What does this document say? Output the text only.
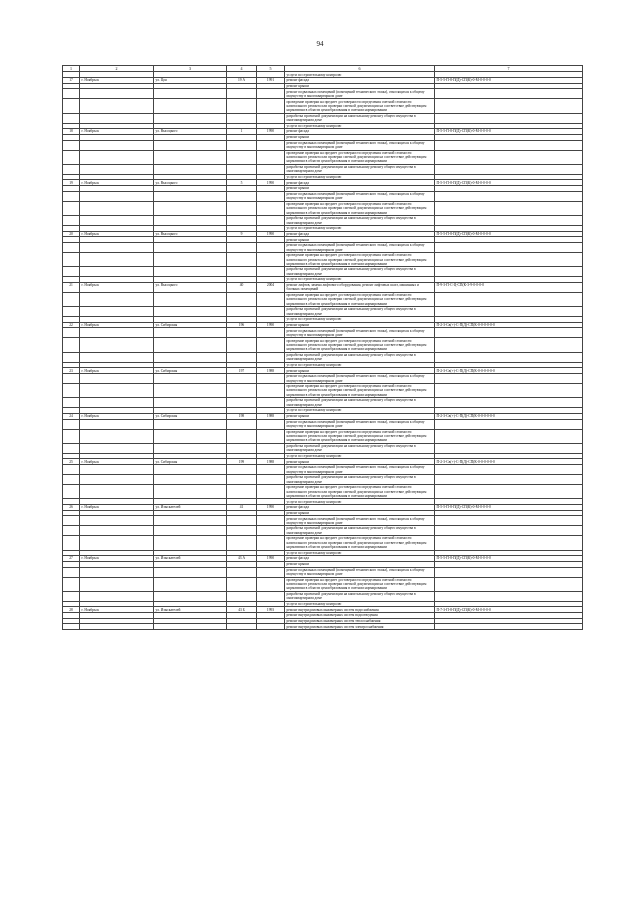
94
1	2	3	4	5	6	7
					услуги по строительному контролю	
17	г. Ноябрьск	ул. Цоя	19 А	1991	ремонт фасада	П-5-5-П-8-П(Д)-СП(К)-0-М-0-0-0-0
					ремонт крыши	
					ремонт подвальных помещений (помещений технического этажа), относящихся к общему имуществу в многоквартирном доме	
					проведение проверки на предмет достоверности определения сметной стоимости капитального ремонта или проверки сметной документации на соответствие действующим нормативам в области ценообразования в сметном нормировании	
					разработка проектной документации на капитальному ремонту общего имущества в многоквартирном доме	
					услуги по строительному контролю	
18	г. Ноябрьск	ул. Высоцкого	1	1990	ремонт фасада	П-5-5-П-8-П(Д)-СП(К)-0-М-0-0-0-0
					ремонт крыши	
					ремонт подвальных помещений (помещений технического этажа), относящихся к общему имуществу в многоквартирном доме	
					проведение проверки на предмет достоверности определения сметной стоимости капитального ремонта или проверки сметной документации на соответствие действующим нормативам в области ценообразования в сметном нормировании	
					разработка проектной документации на капитальному ремонту общего имущества в многоквартирном доме	
					услуги по строительному контролю	
19	г. Ноябрьск	ул. Высоцкого	5	1990	ремонт фасада	П-5-5-П-8-П(Д)-СП(К)-0-М-0-0-0-0
					ремонт крыши	
					ремонт подвальных помещений (помещений технического этажа), относящихся к общему имуществу в многоквартирном доме	
					проведение проверки на предмет достоверности определения сметной стоимости капитального ремонта или проверки сметной документации на соответствие действующим нормативам в области ценообразования в сметном нормировании	
					разработка проектной документации на капитальному ремонту общего имущества в многоквартирном доме	
					услуги по строительному контролю	
20	г. Ноябрьск	ул. Высоцкого	9	1990	ремонт фасада	П-5-5-П-8-П(Д)-СП(К)-0-М-0-0-0-0
					ремонт крыши	
					ремонт подвальных помещений (помещений технического этажа), относящихся к общему имуществу в многоквартирном доме	
					проведение проверки на предмет достоверности определения сметной стоимости капитального ремонта или проверки сметной документации на соответствие действующим нормативам в области ценообразования в сметном нормировании	
					разработка проектной документации на капитальному ремонту общего имущества в многоквартирном доме	
					услуги по строительному контролю	
21	г. Ноябрьск	ул. Высоцкого	40	2004	ремонт лифтов, замена лифтового оборудования, ремонт лифтовых шахт, машинных и блочных помещений	П-9-3-П-С-Ц-СП(К-3-9-0-0-0-0
					проведение проверки на предмет достоверности определения сметной стоимости капитального ремонта или проверки сметной документации на соответствие действующим нормативам в области ценообразования в сметном нормировании	
					разработка проектной документации на капитальному ремонту общего имущества в многоквартирном доме	
					услуги по строительному контролю	
22	г. Ноябрьск	ул. Сибирская	196	1990	ремонт крыши	П-2-3-Св(+)-С-П(Д)-СП(К-0-0-0-0-0-0
					ремонт подвальных помещений (помещений технического этажа), относящихся к общему имуществу в многоквартирном доме	
					проведение проверки на предмет достоверности определения сметной стоимости капитального ремонта или проверки сметной документации на соответствие действующим нормативам в области ценообразования в сметном нормировании	
					разработка проектной документации на капитальному ремонту общего имущества в многоквартирном доме	
					услуги по строительному контролю	
23	г. Ноябрьск	ул. Сибирская	197	1988	ремонт крыши	П-2-3-Св(+)-С-П(Д)-СП(К-0-0-0-0-0-0
					ремонт подвальных помещений (помещений технического этажа), относящихся к общему имуществу в многоквартирном доме	
					проведение проверки на предмет достоверности определения сметной стоимости капитального ремонта или проверки сметной документации на соответствие действующим нормативам в области ценообразования в сметном нормировании	
					разработка проектной документации на капитальному ремонту общего имущества в многоквартирном доме	
					услуги по строительному контролю	
24	г. Ноябрьск	ул. Сибирская	198	1988	ремонт крыши	П-2-3-Св(+)-С-П(Д)-СП(К-0-0-0-0-0-0
					ремонт подвальных помещений (помещений технического этажа), относящихся к общему имуществу в многоквартирном доме	
					проведение проверки на предмет достоверности определения сметной стоимости капитального ремонта или проверки сметной документации на соответствие действующим нормативам в области ценообразования в сметном нормировании	
					разработка проектной документации на капитальному ремонту общего имущества в многоквартирном доме	
					услуги по строительному контролю	
25	г. Ноябрьск	ул. Сибирская	199	1988	ремонт крыши	П-2-3-Св(+)-С-П(Д)-СП(К-0-0-0-0-0-0
					ремонт подвальных помещений (помещений технического этажа), относящихся к общему имуществу в многоквартирном доме	
					разработка проектной документации на капитальному ремонту общего имущества в многоквартирном доме	
					проведение проверки на предмет достоверности определения сметной стоимости капитального ремонта или проверки сметной документации на соответствие действующим нормативам в области ценообразования в сметном нормировании	
					услуги по строительному контролю	
26	г. Ноябрьск	ул. Изыскателей	41	1990	ремонт фасада	П-5-5-П-8-П(Д)-СП(К)-0-М-0-0-0-0
					ремонт крыши	
					ремонт подвальных помещений (помещений технического этажа), относящихся к общему имуществу в многоквартирном доме	
					разработка проектной документации на капитальному ремонту общего имущества в многоквартирном доме	
					проведение проверки на предмет достоверности определения сметной стоимости капитального ремонта или проверки сметной документации на соответствие действующим нормативам в области ценообразования в сметном нормировании	
					услуги по строительному контролю	
27	г. Ноябрьск	ул. Изыскателей	43 А	1990	ремонт фасада	П-5-5-П-8-П(Д)-СП(К)-0-М-0-0-0-0
					ремонт крыши	
					ремонт подвальных помещений (помещений технического этажа), относящихся к общему имуществу в многоквартирном доме	
					проведение проверки на предмет достоверности определения сметной стоимости капитального ремонта или проверки сметной документации на соответствие действующим нормативам в области ценообразования в сметном нормировании	
					разработка проектной документации на капитальному ремонту общего имущества в многоквартирном доме	
					услуги по строительному контролю	
28	г. Ноябрьск	ул. Изыскателей	43 Б	1993	ремонт внутридомовых инженерных систем водоснабжения	П-7-3-П-8-П(Д)-СП(К)-0-М-0-0-0-0
					ремонт внутридомовых инженерных систем водоотведения	
					ремонт внутридомовых инженерных систем теплоснабжения	
					ремонт внутридомовых инженерных систем электроснабжения	
